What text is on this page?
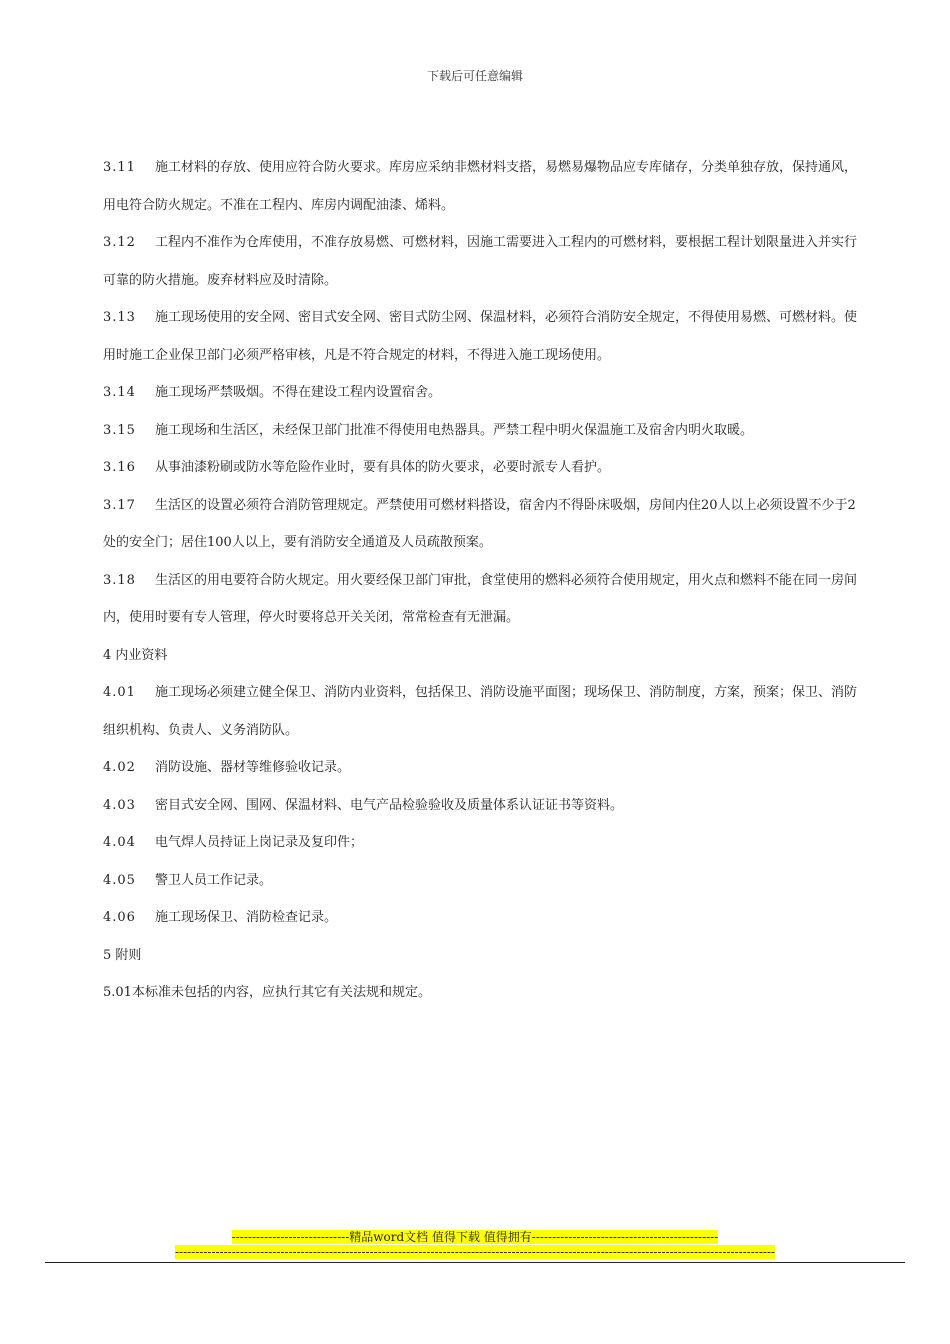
下载后可任意编辑

3.11 施工材料的存放、使用应符合防火要求。库房应采纳非燃材料支搭，易燃易爆物品应专库储存，分类单独存放，保持通风，用电符合防火规定。不准在工程内、库房内调配油漆、烯料。

3.12 工程内不准作为仓库使用，不准存放易燃、可燃材料，因施工需要进入工程内的可燃材料，要根据工程计划限量进入并实行可靠的防火措施。废弃材料应及时清除。

3.13 施工现场使用的安全网、密目式安全网、密目式防尘网、保温材料，必须符合消防安全规定，不得使用易燃、可燃材料。使用时施工企业保卫部门必须严格审核，凡是不符合规定的材料，不得进入施工现场使用。

3.14 施工现场严禁吸烟。不得在建设工程内设置宿舍。

3.15 施工现场和生活区，未经保卫部门批准不得使用电热器具。严禁工程中明火保温施工及宿舍内明火取暖。

3.16 从事油漆粉刷或防水等危险作业时，要有具体的防火要求，必要时派专人看护。

3.17 生活区的设置必须符合消防管理规定。严禁使用可燃材料搭设，宿舍内不得卧床吸烟，房间内住20人以上必须设置不少于2处的安全门；居住100人以上，要有消防安全通道及人员疏散预案。

3.18 生活区的用电要符合防火规定。用火要经保卫部门审批，食堂使用的燃料必须符合使用规定，用火点和燃料不能在同一房间内，使用时要有专人管理，停火时要将总开关关闭，常常检查有无泄漏。

4 内业资料

4.01 施工现场必须建立健全保卫、消防内业资料，包括保卫、消防设施平面图；现场保卫、消防制度，方案，预案；保卫、消防组织机构、负责人、义务消防队。

4.02 消防设施、器材等维修验收记录。

4.03 密目式安全网、围网、保温材料、电气产品检验验收及质量体系认证证书等资料。

4.04 电气焊人员持证上岗记录及复印件；

4.05 警卫人员工作记录。

4.06 施工现场保卫、消防检查记录。

5 附则

5.01本标准未包括的内容，应执行其它有关法规和规定。

-----------------------------精品word文档 值得下载 值得拥有----------------------------------------------
----------------------------------------------------------------------------------------------------------------------------------------------------
